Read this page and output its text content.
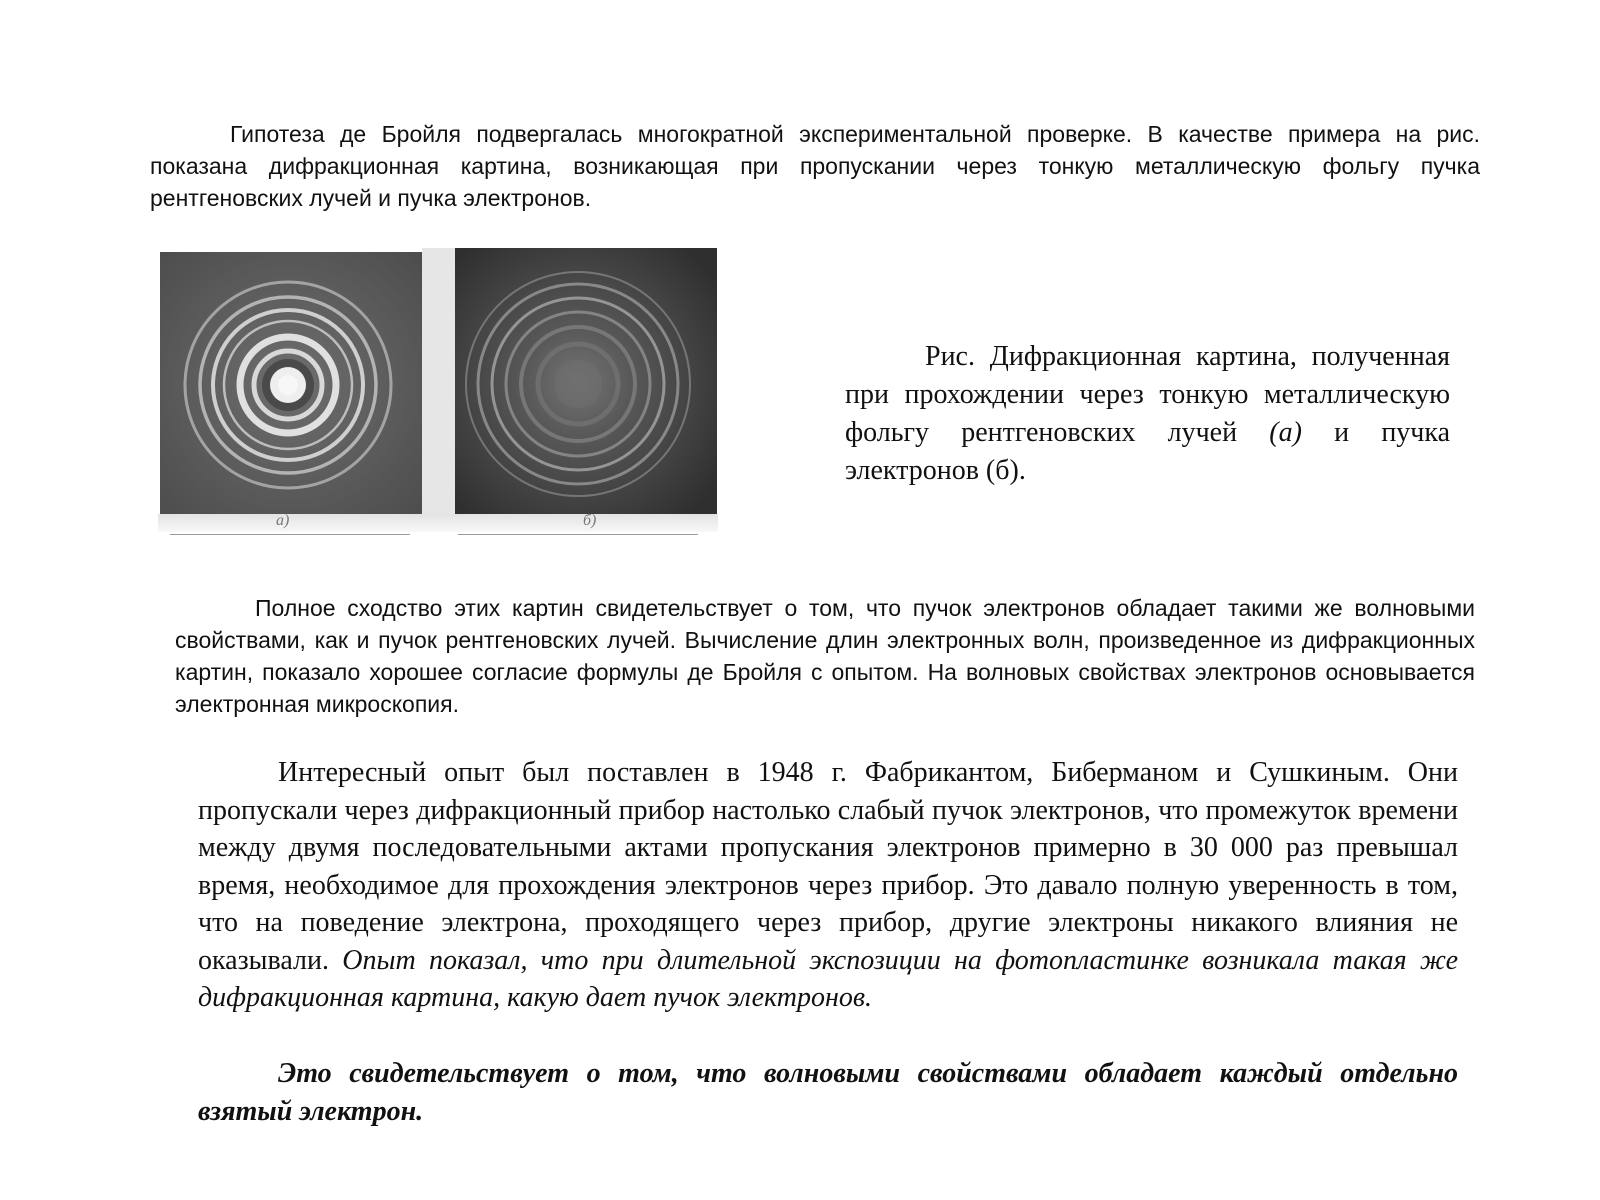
Гипотеза де Бройля подвергалась многократной экспериментальной проверке. В качестве примера на рис. показана дифракционная картина, возникающая при пропускании через тонкую металлическую фольгу пучка рентгеновских лучей и пучка электронов.

а)	б)

Рис. Дифракционная картина, полученная при прохождении через тонкую металлическую фольгу рентгеновских лучей (а) и пучка электронов (б).

Полное сходство этих картин свидетельствует о том, что пучок электронов обладает такими же волновыми свойствами, как и пучок рентгеновских лучей. Вычисление длин электронных волн, произведенное из дифракционных картин, показало хорошее согласие формулы де Бройля с опытом. На волновых свойствах электронов основывается электронная микроскопия.

Интересный опыт был поставлен в 1948 г. Фабрикантом, Биберманом и Сушкиным. Они пропускали через дифракционный прибор настолько слабый пучок электронов, что промежуток времени между двумя последовательными актами пропускания электронов примерно в 30 000 раз превышал время, необходимое для прохождения электронов через прибор. Это давало полную уверенность в том, что на поведение электрона, проходящего через прибор, другие электроны никакого влияния не оказывали. Опыт показал, что при длительной экспозиции на фотопластинке возникала такая же дифракционная картина, какую дает пучок электронов.

Это свидетельствует о том, что волновыми свойствами обладает каждый отдельно взятый электрон.
